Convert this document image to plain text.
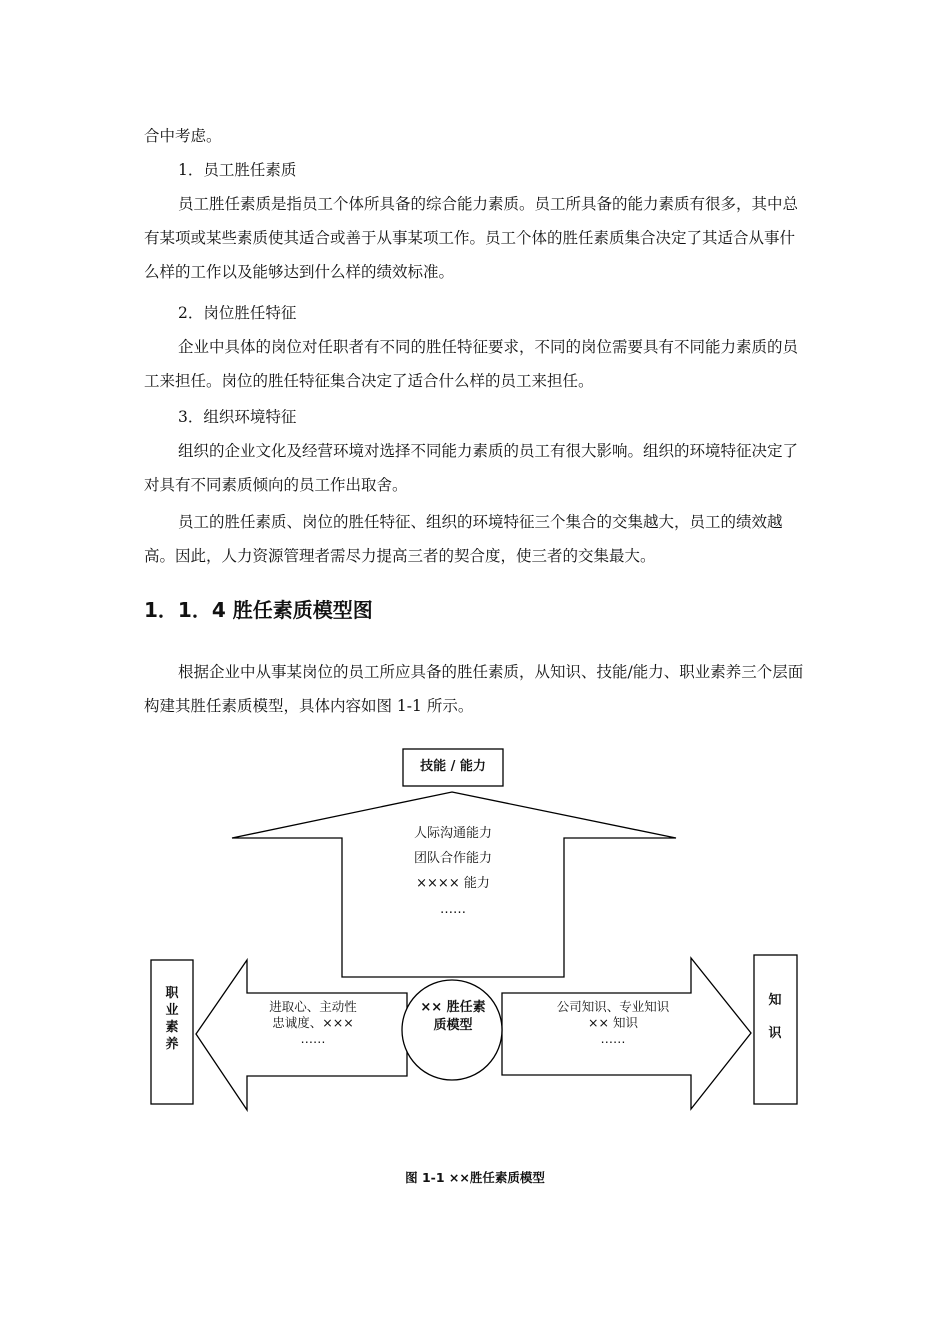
合中考虑。

1．员工胜任素质

员工胜任素质是指员工个体所具备的综合能力素质。员工所具备的能力素质有很多，其中总有某项或某些素质使其适合或善于从事某项工作。员工个体的胜任素质集合决定了其适合从事什么样的工作以及能够达到什么样的绩效标准。

2．岗位胜任特征

企业中具体的岗位对任职者有不同的胜任特征要求，不同的岗位需要具有不同能力素质的员工来担任。岗位的胜任特征集合决定了适合什么样的员工来担任。

3．组织环境特征

组织的企业文化及经营环境对选择不同能力素质的员工有很大影响。组织的环境特征决定了对具有不同素质倾向的员工作出取舍。

员工的胜任素质、岗位的胜任特征、组织的环境特征三个集合的交集越大，员工的绩效越高。因此，人力资源管理者需尽力提高三者的契合度，使三者的交集最大。

1．1．4 胜任素质模型图

根据企业中从事某岗位的员工所应具备的胜任素质，从知识、技能/能力、职业素养三个层面构建其胜任素质模型，具体内容如图 1-1 所示。

技能 / 能力
人际沟通能力
团队合作能力
×××× 能力
……
职
业
素
养
进取心、主动性
忠诚度、×××
……
×× 胜任素
质模型
公司知识、专业知识
×× 知识
……
知
识

图 1-1 ××胜任素质模型
